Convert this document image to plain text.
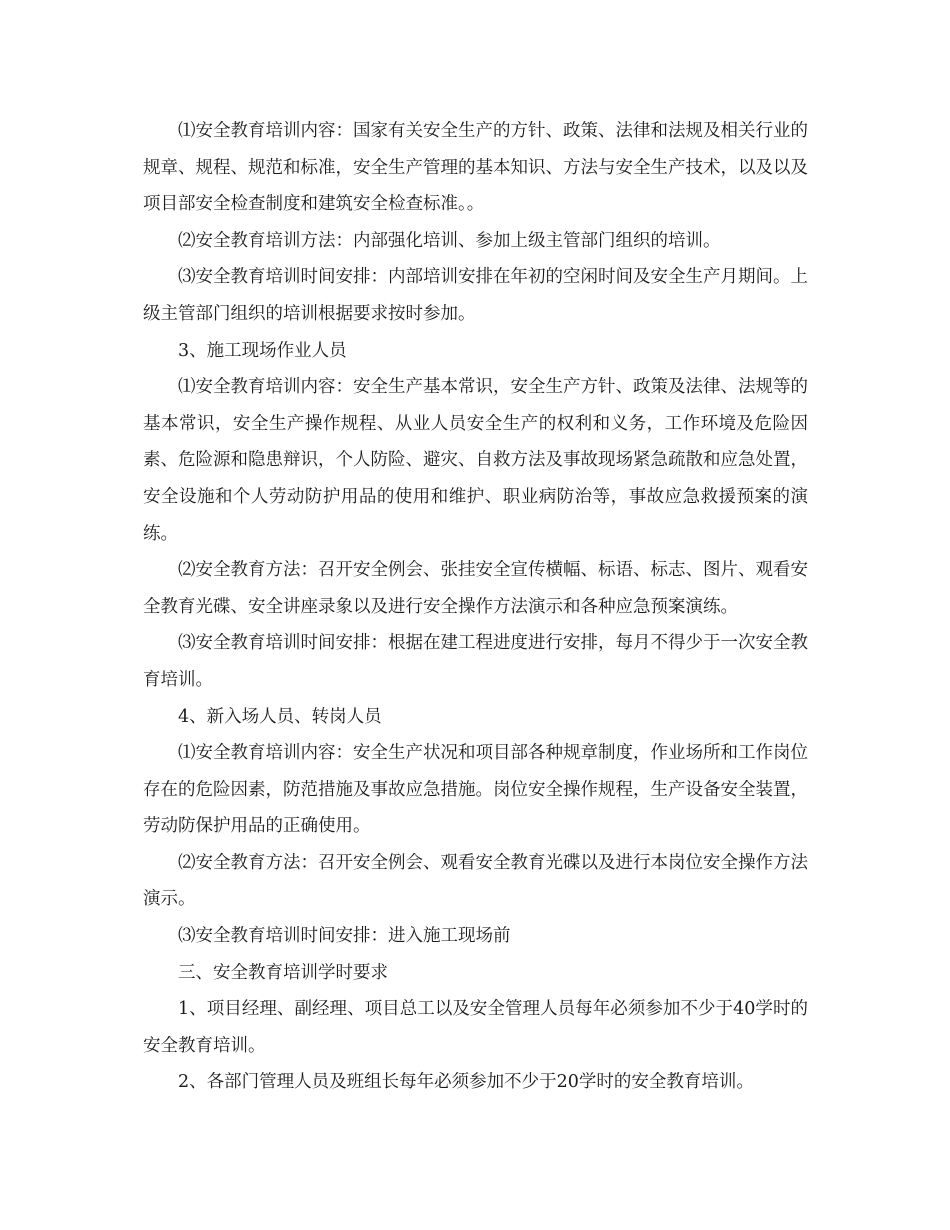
⑴安全教育培训内容：国家有关安全生产的方针、政策、法律和法规及相关行业的规章、规程、规范和标准，安全生产管理的基本知识、方法与安全生产技术，以及以及项目部安全检查制度和建筑安全检查标准。。

⑵安全教育培训方法：内部强化培训、参加上级主管部门组织的培训。

⑶安全教育培训时间安排：内部培训安排在年初的空闲时间及安全生产月期间。上级主管部门组织的培训根据要求按时参加。

3、施工现场作业人员

⑴安全教育培训内容：安全生产基本常识，安全生产方针、政策及法律、法规等的基本常识，安全生产操作规程、从业人员安全生产的权利和义务，工作环境及危险因素、危险源和隐患辩识，个人防险、避灾、自救方法及事故现场紧急疏散和应急处置，安全设施和个人劳动防护用品的使用和维护、职业病防治等，事故应急救援预案的演练。

⑵安全教育方法：召开安全例会、张挂安全宣传横幅、标语、标志、图片、观看安全教育光碟、安全讲座录象以及进行安全操作方法演示和各种应急预案演练。

⑶安全教育培训时间安排：根据在建工程进度进行安排，每月不得少于一次安全教育培训。

4、新入场人员、转岗人员

⑴安全教育培训内容：安全生产状况和项目部各种规章制度，作业场所和工作岗位存在的危险因素，防范措施及事故应急措施。岗位安全操作规程，生产设备安全装置，劳动防保护用品的正确使用。

⑵安全教育方法：召开安全例会、观看安全教育光碟以及进行本岗位安全操作方法演示。

⑶安全教育培训时间安排：进入施工现场前

三、安全教育培训学时要求

1、项目经理、副经理、项目总工以及安全管理人员每年必须参加不少于40学时的安全教育培训。

2、各部门管理人员及班组长每年必须参加不少于20学时的安全教育培训。
